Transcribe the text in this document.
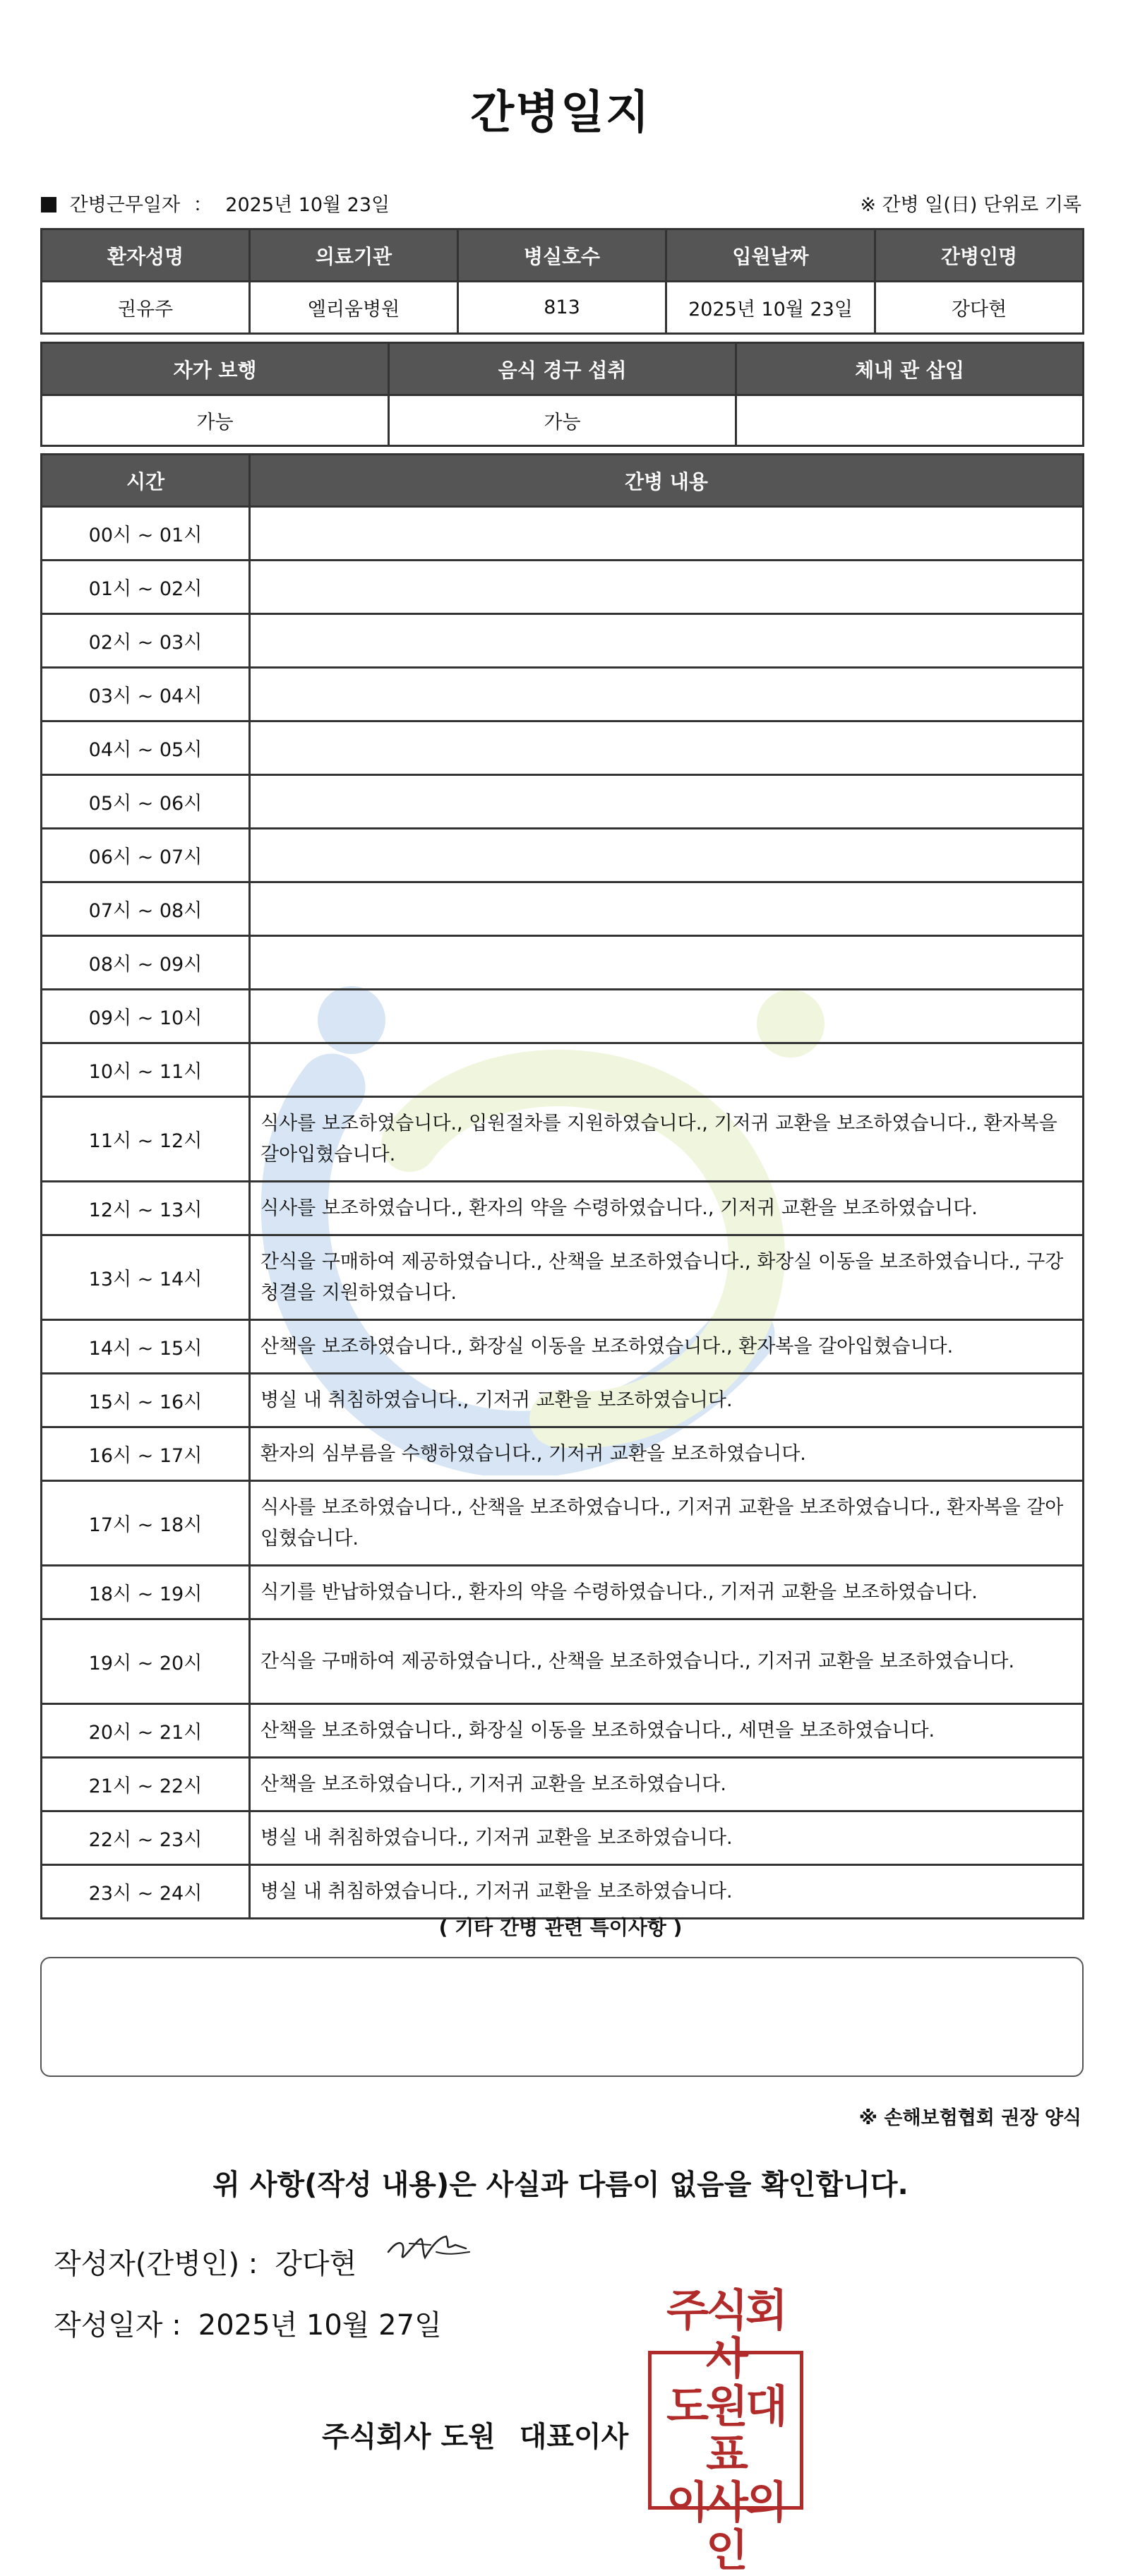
간병일지
간병근무일자 ： 2025년 10월 23일	※ 간병 일(日) 단위로 기록
환자성명	의료기관	병실호수	입원날짜	간병인명
권유주	엘리움병원	813	2025년 10월 23일	강다현
자가 보행	음식 경구 섭취	체내 관 삽입
가능	가능	
시간	간병 내용
00시 ~ 01시	
01시 ~ 02시	
02시 ~ 03시	
03시 ~ 04시	
04시 ~ 05시	
05시 ~ 06시	
06시 ~ 07시	
07시 ~ 08시	
08시 ~ 09시	
09시 ~ 10시	
10시 ~ 11시	
11시 ~ 12시	식사를 보조하였습니다., 입원절차를 지원하였습니다., 기저귀 교환을 보조하였습니다., 환자복을 갈아입혔습니다.
12시 ~ 13시	식사를 보조하였습니다., 환자의 약을 수령하였습니다., 기저귀 교환을 보조하였습니다.
13시 ~ 14시	간식을 구매하여 제공하였습니다., 산책을 보조하였습니다., 화장실 이동을 보조하였습니다., 구강 청결을 지원하였습니다.
14시 ~ 15시	산책을 보조하였습니다., 화장실 이동을 보조하였습니다., 환자복을 갈아입혔습니다.
15시 ~ 16시	병실 내 취침하였습니다., 기저귀 교환을 보조하였습니다.
16시 ~ 17시	환자의 심부름을 수행하였습니다., 기저귀 교환을 보조하였습니다.
17시 ~ 18시	식사를 보조하였습니다., 산책을 보조하였습니다., 기저귀 교환을 보조하였습니다., 환자복을 갈아입혔습니다.
18시 ~ 19시	식기를 반납하였습니다., 환자의 약을 수령하였습니다., 기저귀 교환을 보조하였습니다.
19시 ~ 20시	간식을 구매하여 제공하였습니다., 산책을 보조하였습니다., 기저귀 교환을 보조하였습니다.
20시 ~ 21시	산책을 보조하였습니다., 화장실 이동을 보조하였습니다., 세면을 보조하였습니다.
21시 ~ 22시	산책을 보조하였습니다., 기저귀 교환을 보조하였습니다.
22시 ~ 23시	병실 내 취침하였습니다., 기저귀 교환을 보조하였습니다.
23시 ~ 24시	병실 내 취침하였습니다., 기저귀 교환을 보조하였습니다.
( 기타 간병 관련 특이사항 )
※ 손해보험협회 권장 양식
위 사항(작성 내용)은 사실과 다름이 없음을 확인합니다.
작성자(간병인) : 강다현
작성일자 : 2025년 10월 27일
주식회사 도원 대표이사
주식회사
도원대표
이사의인
